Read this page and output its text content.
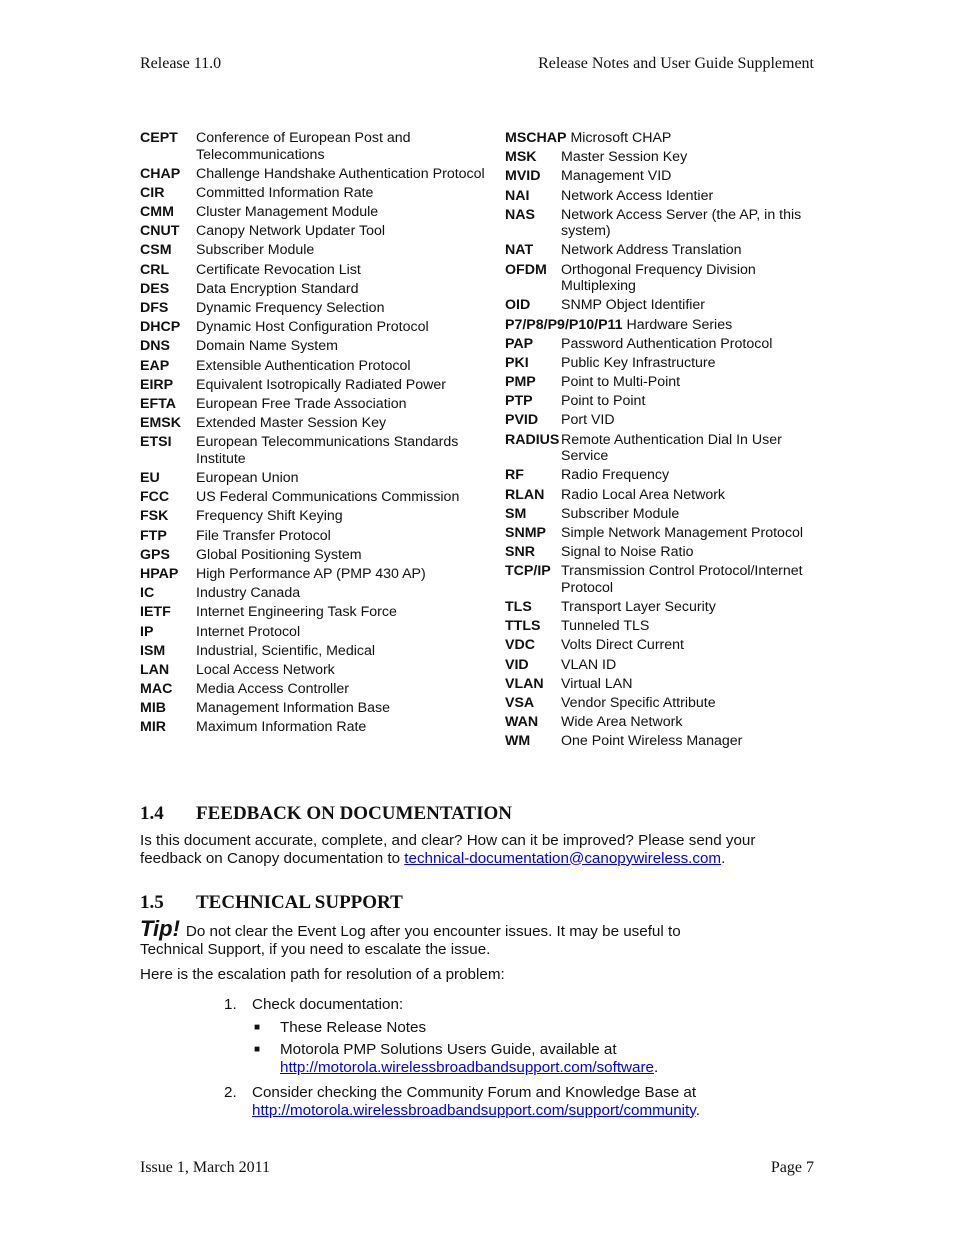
Release 11.0	Release Notes and User Guide Supplement
CEPT	Conference of European Post and Telecommunications
CHAP	Challenge Handshake Authentication Protocol
CIR	Committed Information Rate
CMM	Cluster Management Module
CNUT	Canopy Network Updater Tool
CSM	Subscriber Module
CRL	Certificate Revocation List
DES	Data Encryption Standard
DFS	Dynamic Frequency Selection
DHCP	Dynamic Host Configuration Protocol
DNS	Domain Name System
EAP	Extensible Authentication Protocol
EIRP	Equivalent Isotropically Radiated Power
EFTA	European Free Trade Association
EMSK	Extended Master Session Key
ETSI	European Telecommunications Standards Institute
EU	European Union
FCC	US Federal Communications Commission
FSK	Frequency Shift Keying
FTP	File Transfer Protocol
GPS	Global Positioning System
HPAP	High Performance AP (PMP 430 AP)
IC	Industry Canada
IETF	Internet Engineering Task Force
IP	Internet Protocol
ISM	Industrial, Scientific, Medical
LAN	Local Access Network
MAC	Media Access Controller
MIB	Management Information Base
MIR	Maximum Information Rate
MSCHAP Microsoft CHAP
MSK	Master Session Key
MVID	Management VID
NAI	Network Access Identier
NAS	Network Access Server (the AP, in this system)
NAT	Network Address Translation
OFDM	Orthogonal Frequency Division Multiplexing
OID	SNMP Object Identifier
P7/P8/P9/P10/P11 Hardware Series
PAP	Password Authentication Protocol
PKI	Public Key Infrastructure
PMP	Point to Multi-Point
PTP	Point to Point
PVID	Port VID
RADIUS Remote Authentication Dial In User Service
RF	Radio Frequency
RLAN	Radio Local Area Network
SM	Subscriber Module
SNMP	Simple Network Management Protocol
SNR	Signal to Noise Ratio
TCP/IP Transmission Control Protocol/Internet Protocol
TLS	Transport Layer Security
TTLS	Tunneled TLS
VDC	Volts Direct Current
VID	VLAN ID
VLAN	Virtual LAN
VSA	Vendor Specific Attribute
WAN	Wide Area Network
WM	One Point Wireless Manager
1.4	FEEDBACK ON DOCUMENTATION
Is this document accurate, complete, and clear? How can it be improved? Please send your feedback on Canopy documentation to technical-documentation@canopywireless.com.
1.5	TECHNICAL SUPPORT
Tip! Do not clear the Event Log after you encounter issues. It may be useful to Technical Support, if you need to escalate the issue.
Here is the escalation path for resolution of a problem:
1.	Check documentation:
■	These Release Notes
■	Motorola PMP Solutions Users Guide, available at
http://motorola.wirelessbroadbandsupport.com/software.
2.	Consider checking the Community Forum and Knowledge Base at
http://motorola.wirelessbroadbandsupport.com/support/community.
Issue 1, March 2011	Page 7
